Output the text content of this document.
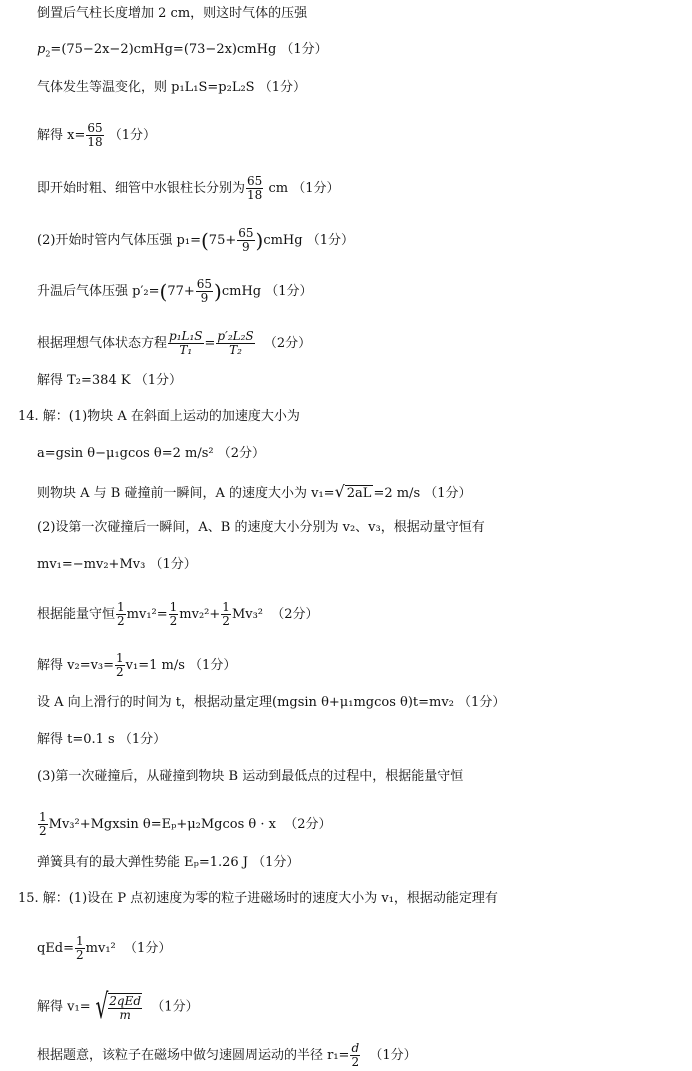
倒置后气柱长度增加 2 cm，则这时气体的压强
$p_2=(75-2x-2)cmHg=(73-2x)cmHg$ （1分）
气体发生等温变化，则 p₁L₁S=p₂L₂S （1分）
解得 $x= \frac{65}{18} (1$分）
即开始时粗、细管中水银柱长分别为 $\frac{65}{18}$ cm （1分）
(2)开始时管内气体压强 $p_1=(75+ \frac{65}{9}$ )cmHg （1分）
升温后气体压强 $p'_2=(77+ \frac{65}{9}$ )cmHg （1分）
根据理想气体状态方程 $\frac{\text{p₁L₁S}}{\text{T₁}} = \frac{\text{p′₂L₂S}}{\text{T₂}} (2$分）
解得 T₂=384 K （1分）
14. 解：(1)物块 A 在斜面上运动的加速度大小为
a=gsin θ−μ₁gcos θ=2 m/s² （2分）
则物块 A 与 B 碰撞前一瞬间，A 的速度大小为 v₁=√ 2aL =2 m/s （1分）
(2)设第一次碰撞后一瞬间，A、B 的速度大小分别为 v₂、v₃，根据动量守恒有
mv₁=−mv₂+Mv₃ （1分）
根据能量守恒 $\frac{1}{2} mv_1^2= \frac{1}{2} mv_2^2+ \frac{1}{2} Mv_3^2$ （2分）
解得 $v_2=v_3= \frac{1}{2} v_1=1$ m/s （1分）
设 A 向上滑行的时间为 t，根据动量定理(mgsin θ+μ₁mgcos θ)t=mv₂ （1分）
解得 t=0.1 s （1分）
(3)第一次碰撞后，从碰撞到物块 B 运动到最低点的过程中，根据能量守恒
$\frac{1}{2} Mv_3^2+Mgxsin$ θ=Eₚ+μ₂Mgcos θ · x （2分）
弹簧具有的最大弹性势能 Eₚ=1.26 J （1分）
15. 解：(1)设在 P 点初速度为零的粒子进磁场时的速度大小为 v₁，根据动能定理有
$qEd= \frac{1}{2} mv_1^2$ （1分）
解得 v₁= √ 2qEd
m （1分）
根据题意，该粒子在磁场中做匀速圆周运动的半径 $r_1= \frac{d}{2} (1$分）
